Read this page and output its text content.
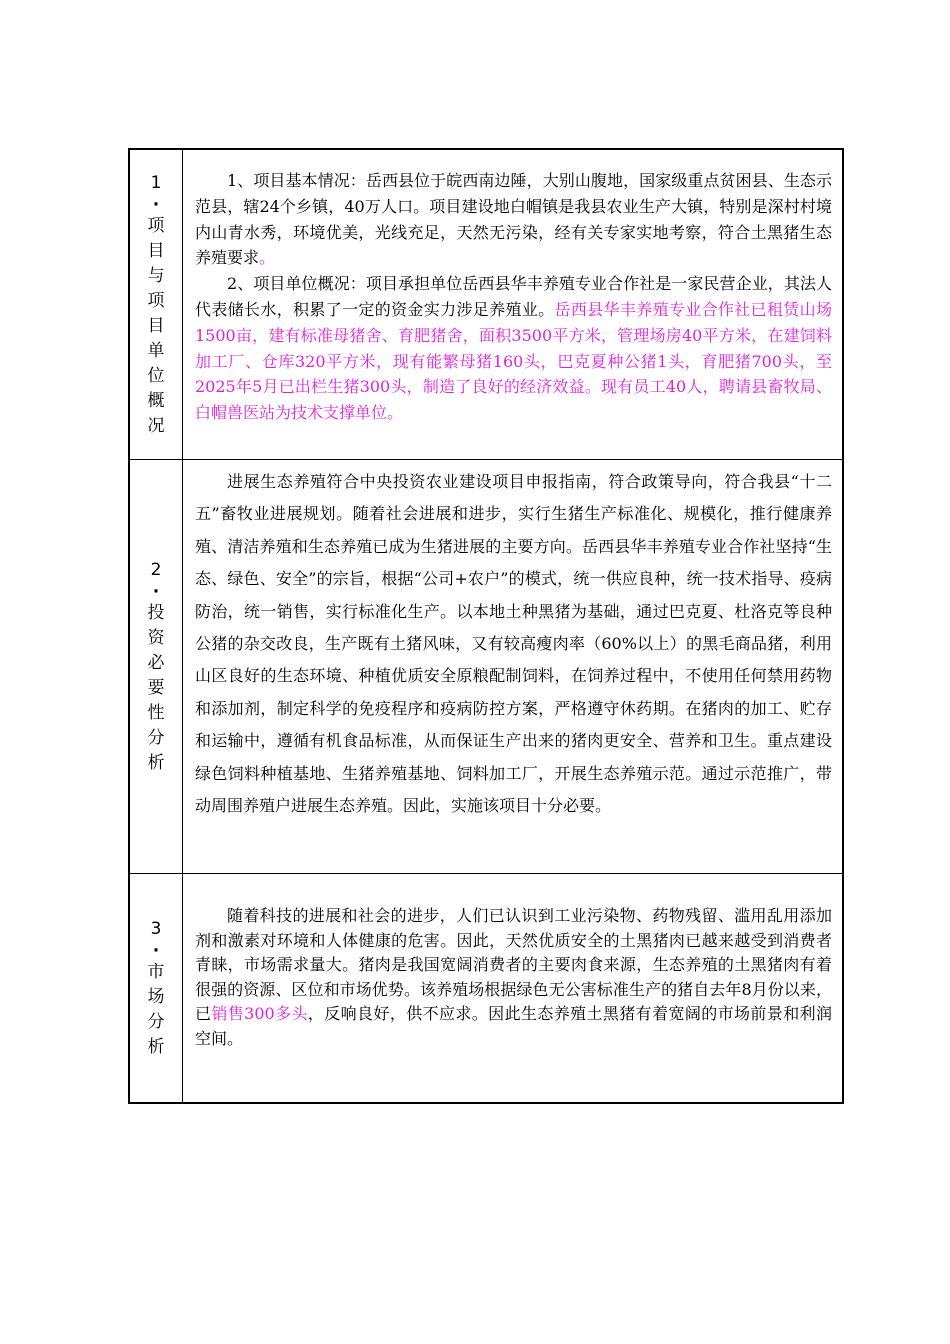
1
·
项
目
与
项
目
单
位
概
况

1、项目基本情况：岳西县位于皖西南边陲，大别山腹地，国家级重点贫困县、生态示范县，辖24个乡镇，40万人口。项目建设地白帽镇是我县农业生产大镇，特别是深村村境内山青水秀，环境优美，光线充足，天然无污染，经有关专家实地考察，符合土黑猪生态养殖要求。

2、项目单位概况：项目承担单位岳西县华丰养殖专业合作社是一家民营企业，其法人代表储长水，积累了一定的资金实力涉足养殖业。岳西县华丰养殖专业合作社已租赁山场1500亩，建有标准母猪舍、育肥猪舍，面积3500平方米，管理场房40平方米，在建饲料加工厂、仓库320平方米，现有能繁母猪160头，巴克夏种公猪1头，育肥猪700头，至2025年5月已出栏生猪300头，制造了良好的经济效益。现有员工40人，聘请县畜牧局、白帽兽医站为技术支撑单位。

2
·
投
资
必
要
性
分
析

进展生态养殖符合中央投资农业建设项目申报指南，符合政策导向，符合我县“十二五”畜牧业进展规划。随着社会进展和进步，实行生猪生产标准化、规模化，推行健康养殖、清洁养殖和生态养殖已成为生猪进展的主要方向。岳西县华丰养殖专业合作社坚持“生态、绿色、安全”的宗旨，根据“公司+农户”的模式，统一供应良种，统一技术指导、疫病防治，统一销售，实行标准化生产。以本地土种黑猪为基础，通过巴克夏、杜洛克等良种公猪的杂交改良，生产既有土猪风味，又有较高瘦肉率（60%以上）的黑毛商品猪，利用山区良好的生态环境、种植优质安全原粮配制饲料，在饲养过程中，不使用任何禁用药物和添加剂，制定科学的免疫程序和疫病防控方案，严格遵守休药期。在猪肉的加工、贮存和运输中，遵循有机食品标准，从而保证生产出来的猪肉更安全、营养和卫生。重点建设绿色饲料种植基地、生猪养殖基地、饲料加工厂，开展生态养殖示范。通过示范推广，带动周围养殖户进展生态养殖。因此，实施该项目十分必要。

3
·
市
场
分
析

随着科技的进展和社会的进步，人们已认识到工业污染物、药物残留、滥用乱用添加剂和激素对环境和人体健康的危害。因此，天然优质安全的土黑猪肉已越来越受到消费者青睐，市场需求量大。猪肉是我国宽阔消费者的主要肉食来源，生态养殖的土黑猪肉有着很强的资源、区位和市场优势。该养殖场根据绿色无公害标准生产的猪自去年8月份以来，已销售300多头，反响良好，供不应求。因此生态养殖土黑猪有着宽阔的市场前景和利润空间。
